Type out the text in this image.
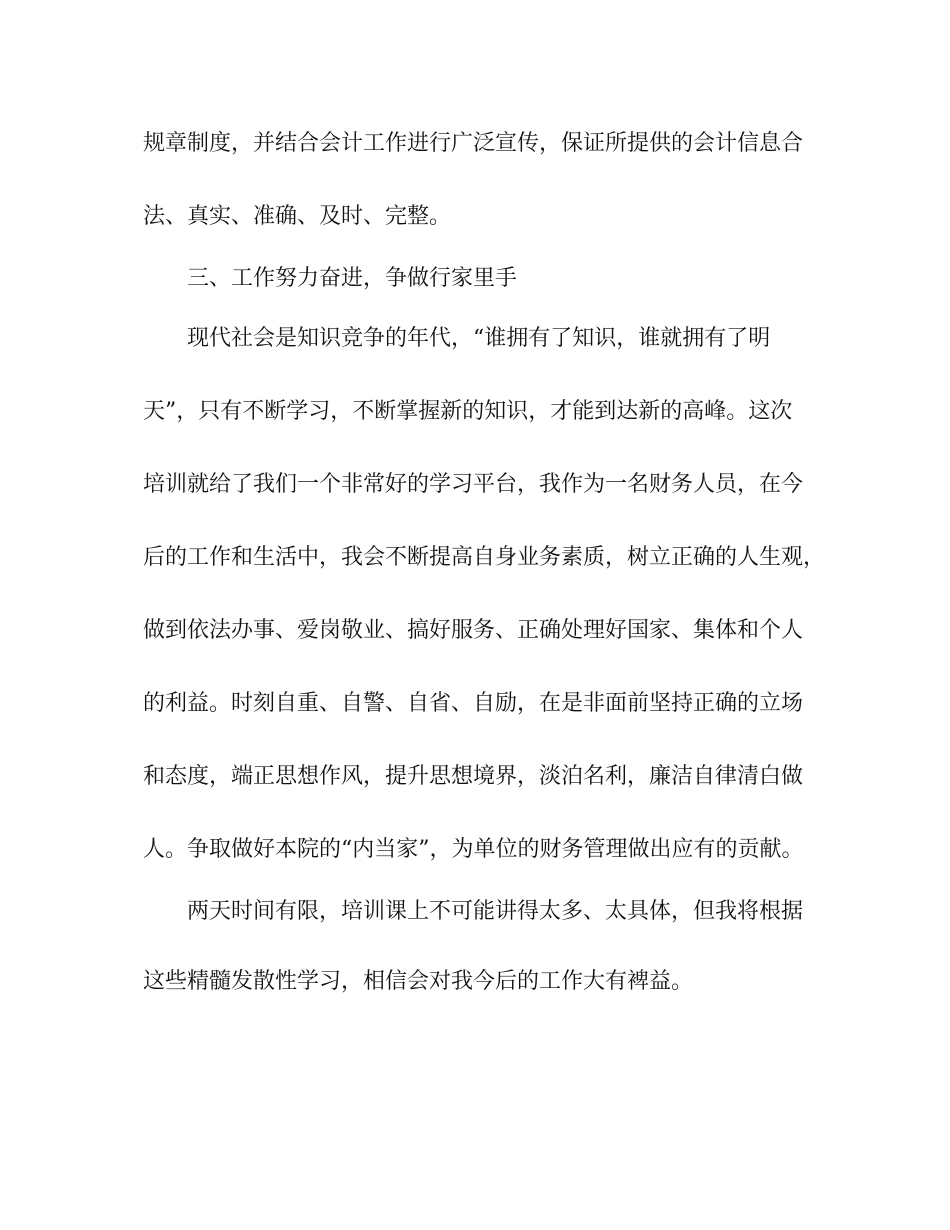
规章制度，并结合会计工作进行广泛宣传，保证所提供的会计信息合
法、真实、准确、及时、完整。
三、工作努力奋进，争做行家里手
现代社会是知识竞争的年代，“谁拥有了知识，谁就拥有了明
天”，只有不断学习，不断掌握新的知识，才能到达新的高峰。这次
培训就给了我们一个非常好的学习平台，我作为一名财务人员，在今
后的工作和生活中，我会不断提高自身业务素质，树立正确的人生观，
做到依法办事、爱岗敬业、搞好服务、正确处理好国家、集体和个人
的利益。时刻自重、自警、自省、自励，在是非面前坚持正确的立场
和态度，端正思想作风，提升思想境界，淡泊名利，廉洁自律清白做
人。争取做好本院的“内当家”，为单位的财务管理做出应有的贡献。
两天时间有限，培训课上不可能讲得太多、太具体，但我将根据
这些精髓发散性学习，相信会对我今后的工作大有裨益。
